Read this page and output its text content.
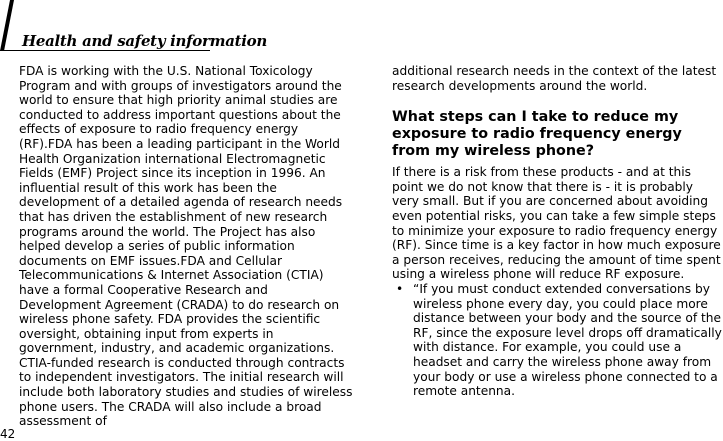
Health and safety information

FDA is working with the U.S. National Toxicology Program and with groups of investigators around the world to ensure that high priority animal studies are conducted to address important questions about the effects of exposure to radio frequency energy (RF).FDA has been a leading participant in the World Health Organization international Electromagnetic Fields (EMF) Project since its inception in 1996. An influential result of this work has been the development of a detailed agenda of research needs that has driven the establishment of new research programs around the world. The Project has also helped develop a series of public information documents on EMF issues.FDA and Cellular Telecommunications & Internet Association (CTIA) have a formal Cooperative Research and Development Agreement (CRADA) to do research on wireless phone safety. FDA provides the scientific oversight, obtaining input from experts in government, industry, and academic organizations. CTIA-funded research is conducted through contracts to independent investigators. The initial research will include both laboratory studies and studies of wireless phone users. The CRADA will also include a broad assessment of

additional research needs in the context of the latest research developments around the world.

What steps can I take to reduce my exposure to radio frequency energy from my wireless phone?

If there is a risk from these products - and at this point we do not know that there is - it is probably very small. But if you are concerned about avoiding even potential risks, you can take a few simple steps to minimize your exposure to radio frequency energy (RF). Since time is a key factor in how much exposure a person receives, reducing the amount of time spent using a wireless phone will reduce RF exposure.

• “If you must conduct extended conversations by wireless phone every day, you could place more distance between your body and the source of the RF, since the exposure level drops off dramatically with distance. For example, you could use a headset and carry the wireless phone away from your body or use a wireless phone connected to a remote antenna.
42
